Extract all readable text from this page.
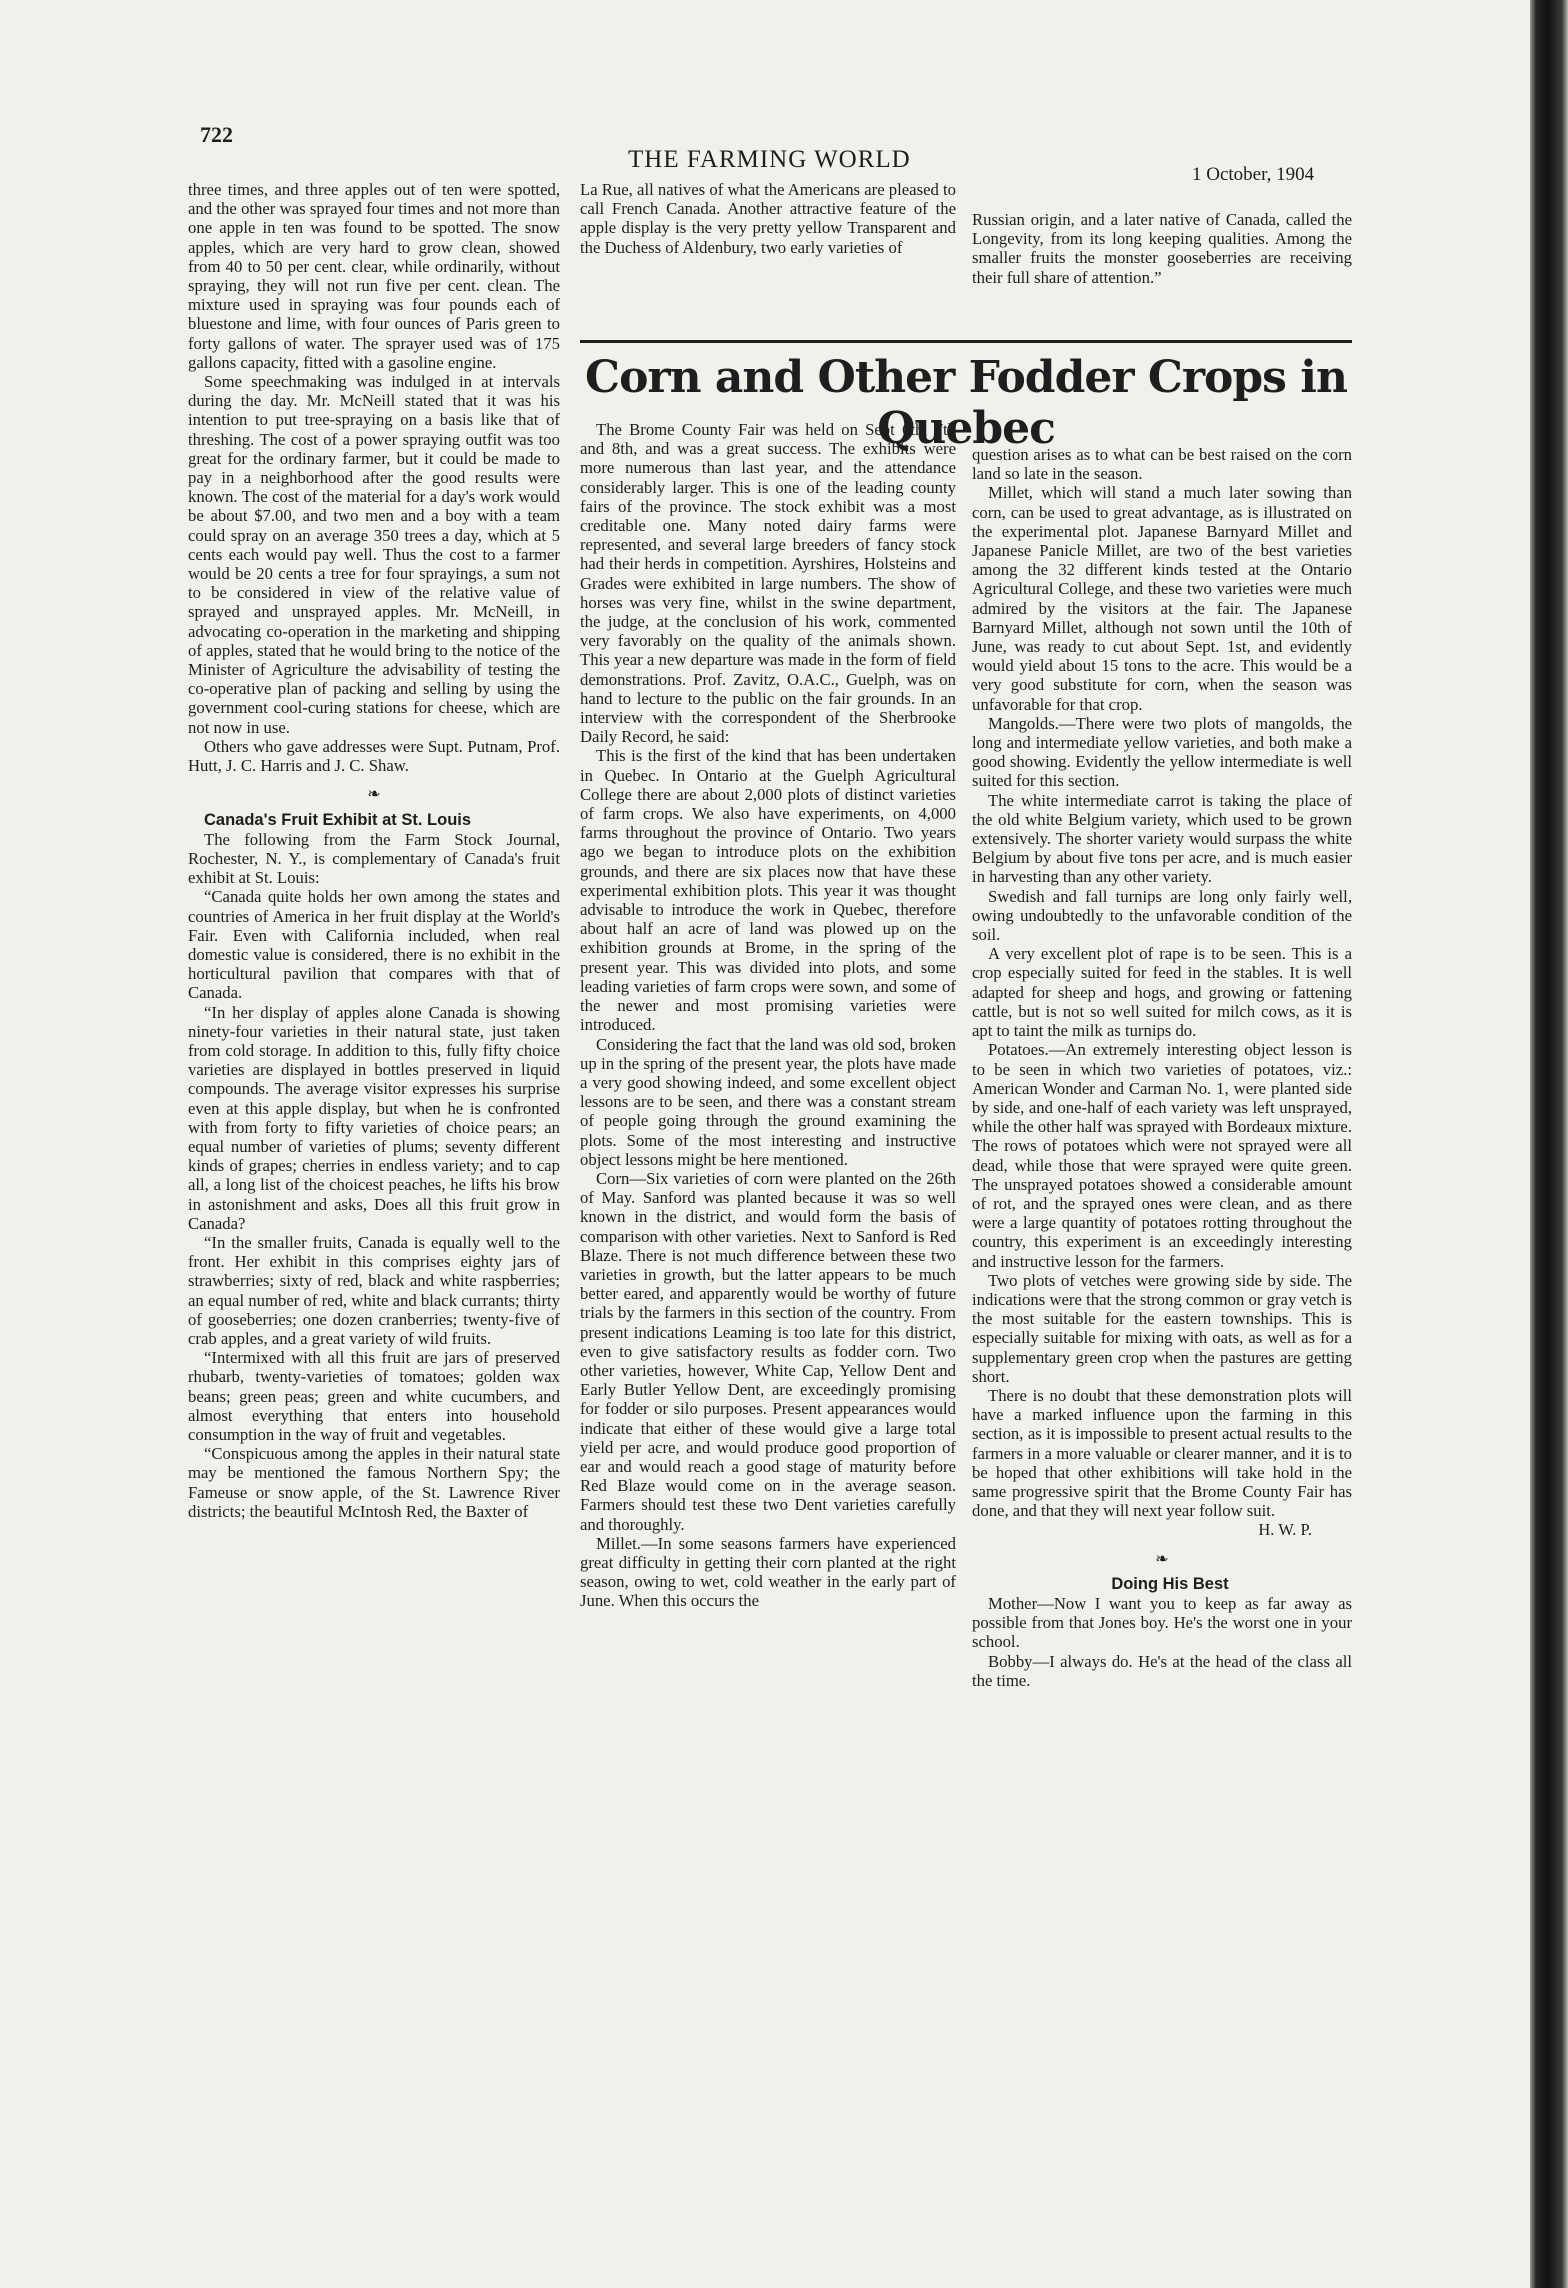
722
THE FARMING WORLD
1 October, 1904

three times, and three apples out of ten were spotted, and the other was sprayed four times and not more than one apple in ten was found to be spotted. The snow apples, which are very hard to grow clean, showed from 40 to 50 per cent. clear, while ordinarily, without spraying, they will not run five per cent. clean. The mixture used in spraying was four pounds each of bluestone and lime, with four ounces of Paris green to forty gallons of water. The sprayer used was of 175 gallons capacity, fitted with a gasoline engine.

Some speechmaking was indulged in at intervals during the day. Mr. McNeill stated that it was his intention to put tree-spraying on a basis like that of threshing. The cost of a power spraying outfit was too great for the ordinary farmer, but it could be made to pay in a neighborhood after the good results were known. The cost of the material for a day's work would be about $7.00, and two men and a boy with a team could spray on an average 350 trees a day, which at 5 cents each would pay well. Thus the cost to a farmer would be 20 cents a tree for four sprayings, a sum not to be considered in view of the relative value of sprayed and unsprayed apples. Mr. McNeill, in advocating co-operation in the marketing and shipping of apples, stated that he would bring to the notice of the Minister of Agriculture the advisability of testing the co-operative plan of packing and selling by using the government cool-curing stations for cheese, which are not now in use.

Others who gave addresses were Supt. Putnam, Prof. Hutt, J. C. Harris and J. C. Shaw.

❧

Canada's Fruit Exhibit at St. Louis

The following from the Farm Stock Journal, Rochester, N. Y., is complementary of Canada's fruit exhibit at St. Louis:

“Canada quite holds her own among the states and countries of America in her fruit display at the World's Fair. Even with California included, when real domestic value is considered, there is no exhibit in the horticultural pavilion that compares with that of Canada.

“In her display of apples alone Canada is showing ninety-four varieties in their natural state, just taken from cold storage. In addition to this, fully fifty choice varieties are displayed in bottles preserved in liquid compounds. The average visitor expresses his surprise even at this apple display, but when he is confronted with from forty to fifty varieties of choice pears; an equal number of varieties of plums; seventy different kinds of grapes; cherries in endless variety; and to cap all, a long list of the choicest peaches, he lifts his brow in astonishment and asks, Does all this fruit grow in Canada?

“In the smaller fruits, Canada is equally well to the front. Her exhibit in this comprises eighty jars of strawberries; sixty of red, black and white raspberries; an equal number of red, white and black currants; thirty of gooseberries; one dozen cranberries; twenty-five of crab apples, and a great variety of wild fruits.

“Intermixed with all this fruit are jars of preserved rhubarb, twenty-varieties of tomatoes; golden wax beans; green peas; green and white cucumbers, and almost everything that enters into household consumption in the way of fruit and vegetables.

“Conspicuous among the apples in their natural state may be mentioned the famous Northern Spy; the Fameuse or snow apple, of the St. Lawrence River districts; the beautiful McIntosh Red, the Baxter of

La Rue, all natives of what the Americans are pleased to call French Canada. Another attractive feature of the apple display is the very pretty yellow Transparent and the Duchess of Aldenbury, two early varieties of

Russian origin, and a later native of Canada, called the Longevity, from its long keeping qualities. Among the smaller fruits the monster gooseberries are receiving their full share of attention.”

Corn and Other Fodder Crops in Quebec

The Brome County Fair was held on Sept 6th, 7th and 8th, and was a great success. The exhibits were more numerous than last year, and the attendance considerably larger. This is one of the leading county fairs of the province. The stock exhibit was a most creditable one. Many noted dairy farms were represented, and several large breeders of fancy stock had their herds in competition. Ayrshires, Holsteins and Grades were exhibited in large numbers. The show of horses was very fine, whilst in the swine department, the judge, at the conclusion of his work, commented very favorably on the quality of the animals shown. This year a new departure was made in the form of field demonstrations. Prof. Zavitz, O.A.C., Guelph, was on hand to lecture to the public on the fair grounds. In an interview with the correspondent of the Sherbrooke Daily Record, he said:

This is the first of the kind that has been undertaken in Quebec. In Ontario at the Guelph Agricultural College there are about 2,000 plots of distinct varieties of farm crops. We also have experiments, on 4,000 farms throughout the province of Ontario. Two years ago we began to introduce plots on the exhibition grounds, and there are six places now that have these experimental exhibition plots. This year it was thought advisable to introduce the work in Quebec, therefore about half an acre of land was plowed up on the exhibition grounds at Brome, in the spring of the present year. This was divided into plots, and some leading varieties of farm crops were sown, and some of the newer and most promising varieties were introduced.

Considering the fact that the land was old sod, broken up in the spring of the present year, the plots have made a very good showing indeed, and some excellent object lessons are to be seen, and there was a constant stream of people going through the ground examining the plots. Some of the most interesting and instructive object lessons might be here mentioned.

Corn—Six varieties of corn were planted on the 26th of May. Sanford was planted because it was so well known in the district, and would form the basis of comparison with other varieties. Next to Sanford is Red Blaze. There is not much difference between these two varieties in growth, but the latter appears to be much better eared, and apparently would be worthy of future trials by the farmers in this section of the country. From present indications Leaming is too late for this district, even to give satisfactory results as fodder corn. Two other varieties, however, White Cap, Yellow Dent and Early Butler Yellow Dent, are exceedingly promising for fodder or silo purposes. Present appearances would indicate that either of these would give a large total yield per acre, and would produce good proportion of ear and would reach a good stage of maturity before Red Blaze would come on in the average season. Farmers should test these two Dent varieties carefully and thoroughly.

Millet.—In some seasons farmers have experienced great difficulty in getting their corn planted at the right season, owing to wet, cold weather in the early part of June. When this occurs the

question arises as to what can be best raised on the corn land so late in the season.

Millet, which will stand a much later sowing than corn, can be used to great advantage, as is illustrated on the experimental plot. Japanese Barnyard Millet and Japanese Panicle Millet, are two of the best varieties among the 32 different kinds tested at the Ontario Agricultural College, and these two varieties were much admired by the visitors at the fair. The Japanese Barnyard Millet, although not sown until the 10th of June, was ready to cut about Sept. 1st, and evidently would yield about 15 tons to the acre. This would be a very good substitute for corn, when the season was unfavorable for that crop.

Mangolds.—There were two plots of mangolds, the long and intermediate yellow varieties, and both make a good showing. Evidently the yellow intermediate is well suited for this section.

The white intermediate carrot is taking the place of the old white Belgium variety, which used to be grown extensively. The shorter variety would surpass the white Belgium by about five tons per acre, and is much easier in harvesting than any other variety.

Swedish and fall turnips are long only fairly well, owing undoubtedly to the unfavorable condition of the soil.

A very excellent plot of rape is to be seen. This is a crop especially suited for feed in the stables. It is well adapted for sheep and hogs, and growing or fattening cattle, but is not so well suited for milch cows, as it is apt to taint the milk as turnips do.

Potatoes.—An extremely interesting object lesson is to be seen in which two varieties of potatoes, viz.: American Wonder and Carman No. 1, were planted side by side, and one-half of each variety was left unsprayed, while the other half was sprayed with Bordeaux mixture. The rows of potatoes which were not sprayed were all dead, while those that were sprayed were quite green. The unsprayed potatoes showed a considerable amount of rot, and the sprayed ones were clean, and as there were a large quantity of potatoes rotting throughout the country, this experiment is an exceedingly interesting and instructive lesson for the farmers.

Two plots of vetches were growing side by side. The indications were that the strong common or gray vetch is the most suitable for the eastern townships. This is especially suitable for mixing with oats, as well as for a supplementary green crop when the pastures are getting short.

There is no doubt that these demonstration plots will have a marked influence upon the farming in this section, as it is impossible to present actual results to the farmers in a more valuable or clearer manner, and it is to be hoped that other exhibitions will take hold in the same progressive spirit that the Brome County Fair has done, and that they will next year follow suit.

H. W. P.
❧

Doing His Best

Mother—Now I want you to keep as far away as possible from that Jones boy. He's the worst one in your school.

Bobby—I always do. He's at the head of the class all the time.
